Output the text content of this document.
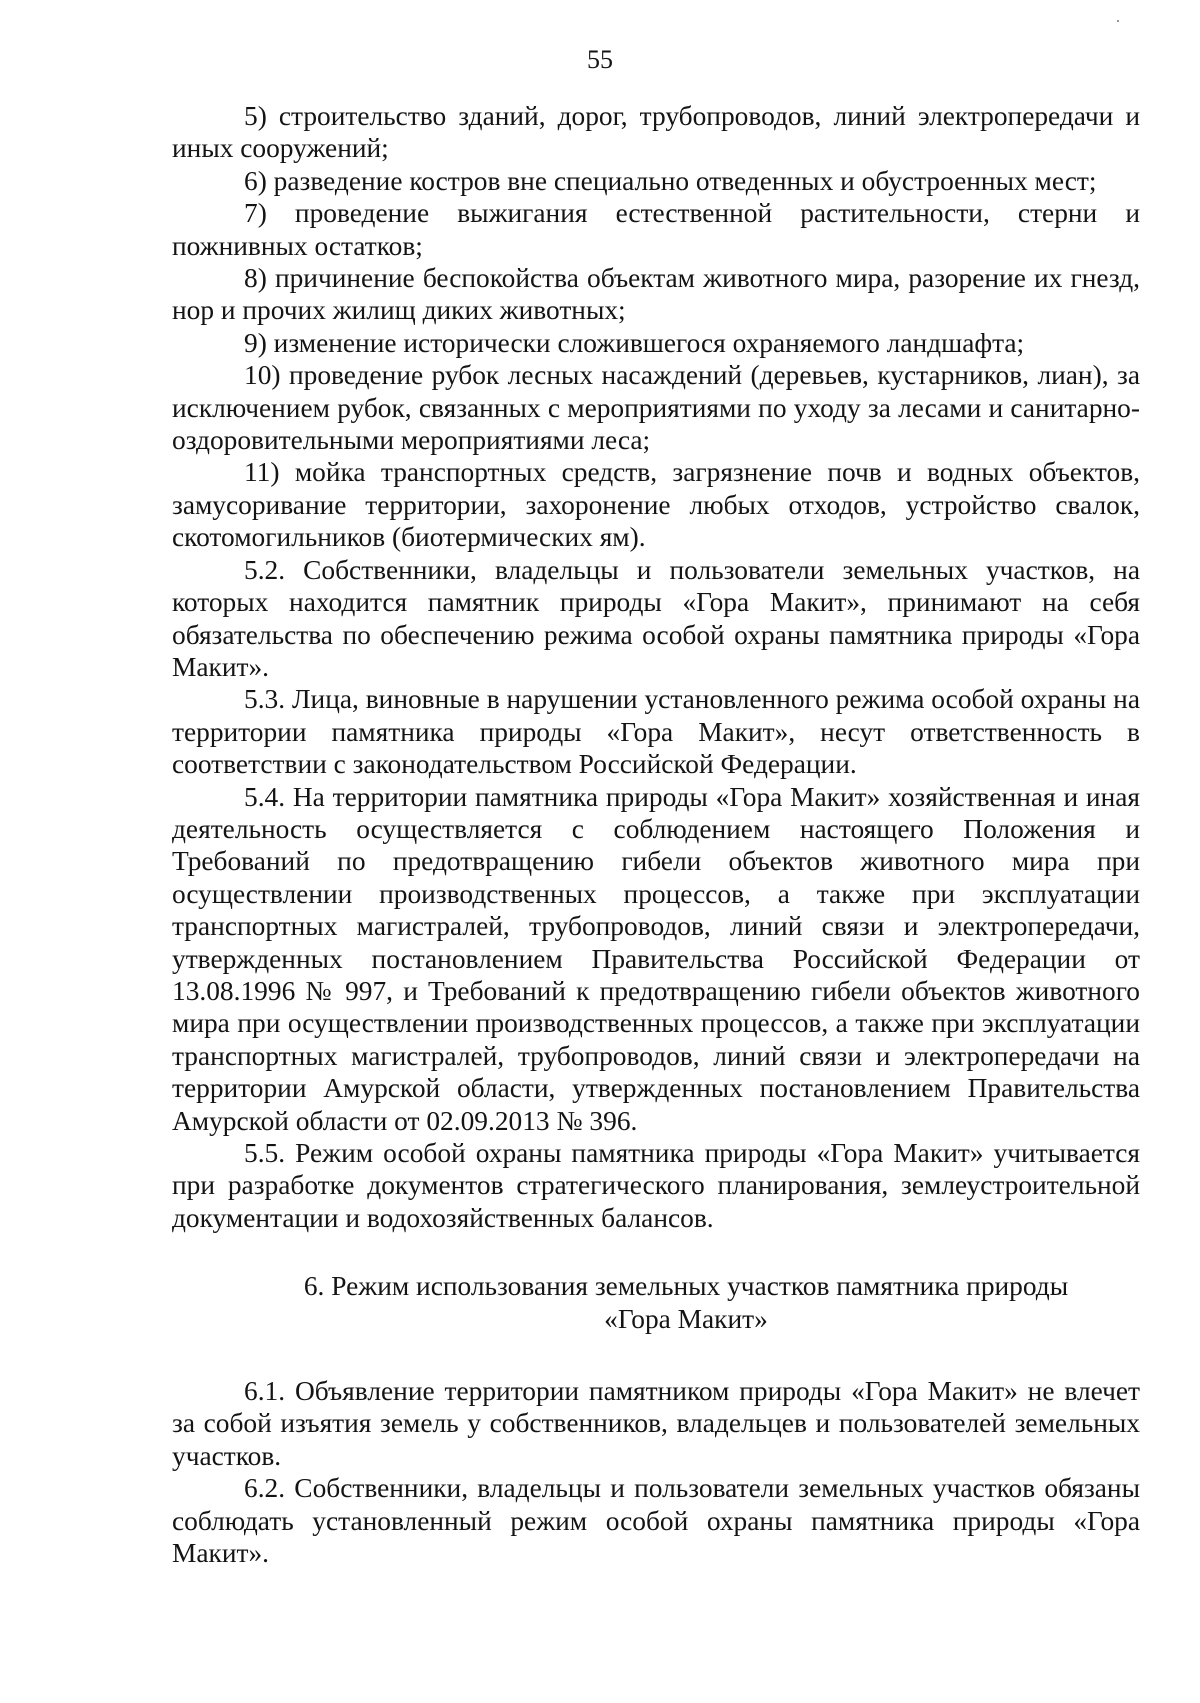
55

5) строительство зданий, дорог, трубопроводов, линий электропередачи и иных сооружений;

6) разведение костров вне специально отведенных и обустроенных мест;

7) проведение выжигания естественной растительности, стерни и пожнивных остатков;

8) причинение беспокойства объектам животного мира, разорение их гнезд, нор и прочих жилищ диких животных;

9) изменение исторически сложившегося охраняемого ландшафта;

10) проведение рубок лесных насаждений (деревьев, кустарников, лиан), за исключением рубок, связанных с мероприятиями по уходу за лесами и санитарно-оздоровительными мероприятиями леса;

11) мойка транспортных средств, загрязнение почв и водных объектов, замусоривание территории, захоронение любых отходов, устройство свалок, скотомогильников (биотермических ям).

5.2. Собственники, владельцы и пользователи земельных участков, на которых находится памятник природы «Гора Макит», принимают на себя обязательства по обеспечению режима особой охраны памятника природы «Гора Макит».

5.3. Лица, виновные в нарушении установленного режима особой охраны на территории памятника природы «Гора Макит», несут ответственность в соответствии с законодательством Российской Федерации.

5.4. На территории памятника природы «Гора Макит» хозяйственная и иная деятельность осуществляется с соблюдением настоящего Положения и Требований по предотвращению гибели объектов животного мира при осуществлении производственных процессов, а также при эксплуатации транспортных магистралей, трубопроводов, линий связи и электропередачи, утвержденных постановлением Правительства Российской Федерации от 13.08.1996 № 997, и Требований к предотвращению гибели объектов животного мира при осуществлении производственных процессов, а также при эксплуатации транспортных магистралей, трубопроводов, линий связи и электропередачи на территории Амурской области, утвержденных постановлением Правительства Амурской области от 02.09.2013 № 396.

5.5. Режим особой охраны памятника природы «Гора Макит» учитывается при разработке документов стратегического планирования, землеустроительной документации и водохозяйственных балансов.

6. Режим использования земельных участков памятника природы
«Гора Макит»

6.1. Объявление территории памятником природы «Гора Макит» не влечет за собой изъятия земель у собственников, владельцев и пользователей земельных участков.

6.2. Собственники, владельцы и пользователи земельных участков обязаны соблюдать установленный режим особой охраны памятника природы «Гора Макит».
